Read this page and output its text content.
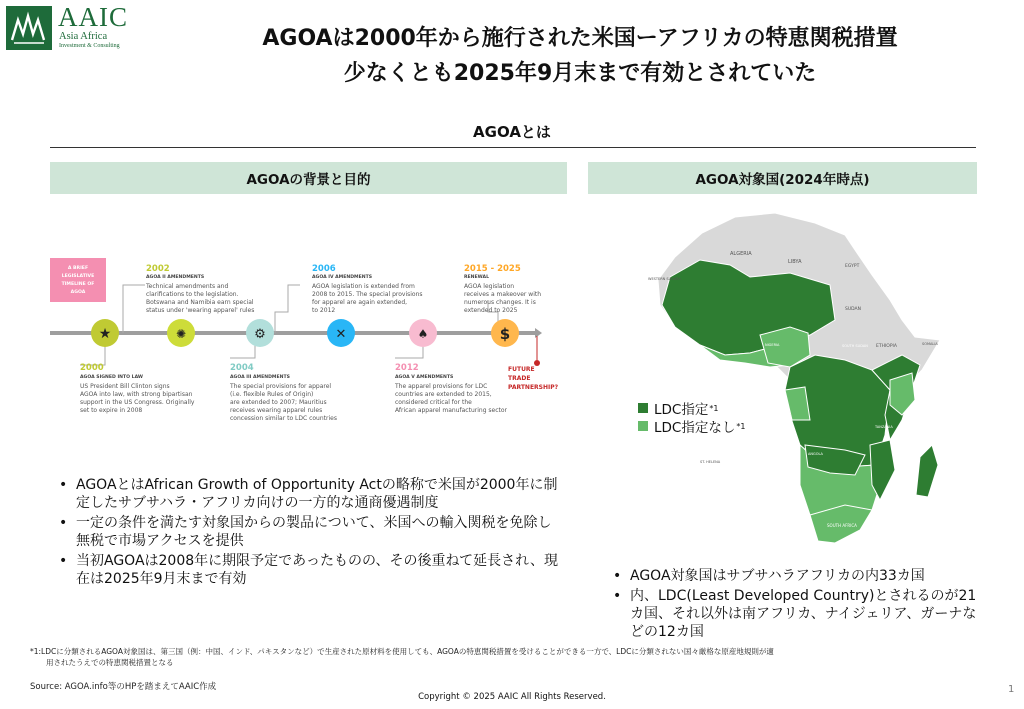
AAIC
Asia Africa
Investment & Consulting	AGOAは2000年から施行された米国ーアフリカの特恵関税措置
少なくとも2025年9月末まで有効とされていた
AGOAとは
AGOAの背景と目的	AGOA対象国(2024年時点)
A BRIEF
LEGISLATIVE
TIMELINE OF
AGOA
★	✺	⚙	✕	♠	$
2002
AGOA II AMENDMENTS
Technical amendments and
clarifications to the legislation.
Botswana and Namibia earn special
status under 'wearing apparel' rules
2006
AGOA IV AMENDMENTS
AGOA legislation is extended from
2008 to 2015. The special provisions
for apparel are again extended,
to 2012
2015 - 2025
RENEWAL
AGOA legislation
receives a makeover with
numerous changes. It is
extended to 2025
2000
AGOA SIGNED INTO LAW
US President Bill Clinton signs
AGOA into law, with strong bipartisan
support in the US Congress. Originally
set to expire in 2008
2004
AGOA III AMENDMENTS
The special provisions for apparel
(i.e. flexible Rules of Origin)
are extended to 2007; Mauritius
receives wearing apparel rules
concession similar to LDC countries
2012
AGOA V AMENDMENTS
The apparel provisions for LDC
countries are extended to 2015,
considered critical for the
African apparel manufacturing sector
FUTURE
TRADE
PARTNERSHIP?
• AGOAとはAfrican Growth of Opportunity Actの略称で米国が2000年に制定したサブサハラ・アフリカ向けの一方的な通商優遇制度
• 一定の条件を満たす対象国からの製品について、米国への輸入関税を免除し無税で市場アクセスを提供
• 当初AGOAは2008年に期限予定であったものの、その後重ねて延長され、現在は2025年9月末まで有効
ALGERIA
LIBYA
EGYPT
SUDAN
ETHIOPIA	SOMALIA
NIGERIA	SOUTH SUDAN
TANZANIA
ANGOLA
SOUTH AFRICA
WESTERN SAHARA
ST. HELENA
LDC指定 *1
LDC指定なし *1
• AGOA対象国はサブサハラアフリカの内33カ国
• 内、LDC(Least Developed Country)とされるのが21カ国、それ以外は南アフリカ、ナイジェリア、ガーナなどの12カ国
*1:LDCに分類されるAGOA対象国は、第三国（例：中国、インド、パキスタンなど）で生産された原材料を使用しても、AGOAの特恵関税措置を受けることができる一方で、LDCに分類されない国々厳格な原産地規則が適
用されたうえでの特恵関税措置となる
Source: AGOA.info等のHPを踏まえてAAIC作成
Copyright © 2025 AAIC All Rights Reserved.
1
